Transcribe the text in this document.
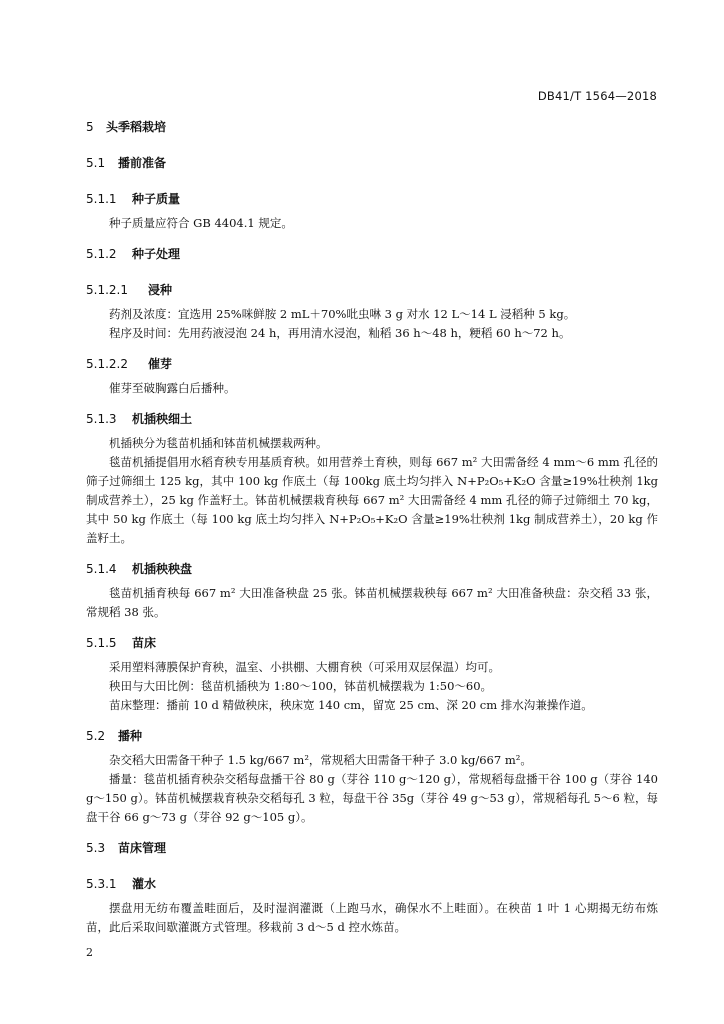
DB41/T 1564—2018
5	头季稻栽培
5.1	播前准备
5.1.1	种子质量

种子质量应符合 GB 4404.1 规定。

5.1.2	种子处理
5.1.2.1	浸种

药剂及浓度：宜选用 25%咪鲜胺 2 mL＋70%吡虫啉 3 g 对水 12 L～14 L 浸稻种 5 kg。

程序及时间：先用药液浸泡 24 h，再用清水浸泡，籼稻 36 h～48 h，粳稻 60 h～72 h。

5.1.2.2	催芽

催芽至破胸露白后播种。

5.1.3	机插秧细土

机插秧分为毯苗机插和钵苗机械摆栽两种。

毯苗机插提倡用水稻育秧专用基质育秧。如用营养土育秧，则每 667 m² 大田需备经 4 mm～6 mm 孔径的筛子过筛细土 125 kg，其中 100 kg 作底土（每 100kg 底土均匀拌入 N+P₂O₅+K₂O 含量≥19%壮秧剂 1kg 制成营养土），25 kg 作盖籽土。钵苗机械摆栽育秧每 667 m² 大田需备经 4 mm 孔径的筛子过筛细土 70 kg，其中 50 kg 作底土（每 100 kg 底土均匀拌入 N+P₂O₅+K₂O 含量≥19%壮秧剂 1kg 制成营养土），20 kg 作盖籽土。

5.1.4	机插秧秧盘

毯苗机插育秧每 667 m² 大田准备秧盘 25 张。钵苗机械摆栽秧每 667 m² 大田准备秧盘：杂交稻 33 张，常规稻 38 张。

5.1.5	苗床

采用塑料薄膜保护育秧，温室、小拱棚、大棚育秧（可采用双层保温）均可。

秧田与大田比例：毯苗机插秧为 1:80～100，钵苗机械摆栽为 1:50～60。

苗床整理：播前 10 d 精做秧床，秧床宽 140 cm，留宽 25 cm、深 20 cm 排水沟兼操作道。

5.2	播种

杂交稻大田需备干种子 1.5 kg/667 m²，常规稻大田需备干种子 3.0 kg/667 m²。

播量：毯苗机插育秧杂交稻每盘播干谷 80 g（芽谷 110 g～120 g），常规稻每盘播干谷 100 g（芽谷 140 g～150 g）。钵苗机械摆栽育秧杂交稻每孔 3 粒，每盘干谷 35g（芽谷 49 g～53 g），常规稻每孔 5～6 粒，每盘干谷 66 g～73 g（芽谷 92 g～105 g）。

5.3	苗床管理
5.3.1	灌水

摆盘用无纺布覆盖畦面后，及时湿润灌溉（上跑马水，确保水不上畦面）。在秧苗 1 叶 1 心期揭无纺布炼苗，此后采取间歇灌溉方式管理。移栽前 3 d～5 d 控水炼苗。

2
